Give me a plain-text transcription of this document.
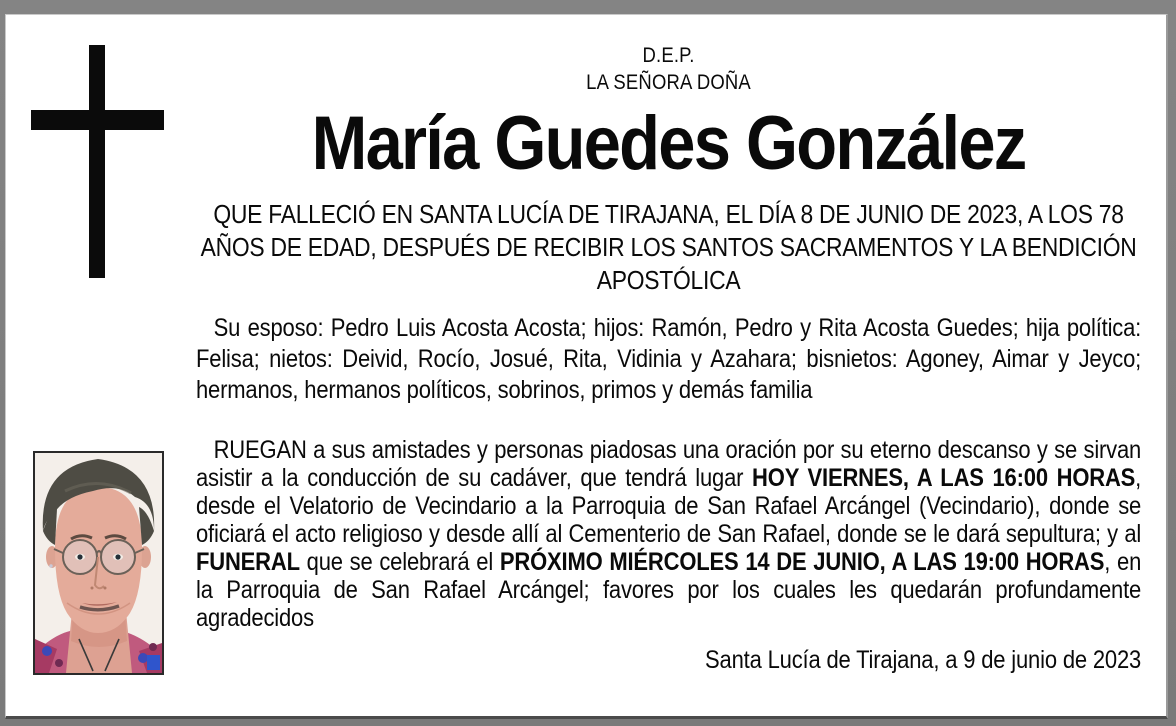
D.E.P.
LA SEÑORA DOÑA
María Guedes González
QUE FALLECIÓ EN SANTA LUCÍA DE TIRAJANA, EL DÍA 8 DE JUNIO DE 2023, A LOS 78 AÑOS DE EDAD, DESPUÉS DE RECIBIR LOS SANTOS SACRAMENTOS Y LA BENDICIÓN APOSTÓLICA

Su esposo: Pedro Luis Acosta Acosta; hijos: Ramón, Pedro y Rita Acosta Guedes; hija política: Felisa; nietos: Deivid, Rocío, Josué, Rita, Vidinia y Azahara; bisnietos: Agoney, Aimar y Jeyco; hermanos, hermanos políticos, sobrinos, primos y demás familia

RUEGAN a sus amistades y personas piadosas una oración por su eterno descanso y se sirvan asistir a la conducción de su cadáver, que tendrá lugar HOY VIERNES, A LAS 16:00 HORAS, desde el Velatorio de Vecindario a la Parroquia de San Rafael Arcángel (Vecindario), donde se oficiará el acto religioso y desde allí al Cementerio de San Rafael, donde se le dará sepultura; y al FUNERAL que se celebrará el PRÓXIMO MIÉRCOLES 14 DE JUNIO, A LAS 19:00 HORAS, en la Parroquia de San Rafael Arcángel; favores por los cuales les quedarán profundamente agradecidos

Santa Lucía de Tirajana, a 9 de junio de 2023
